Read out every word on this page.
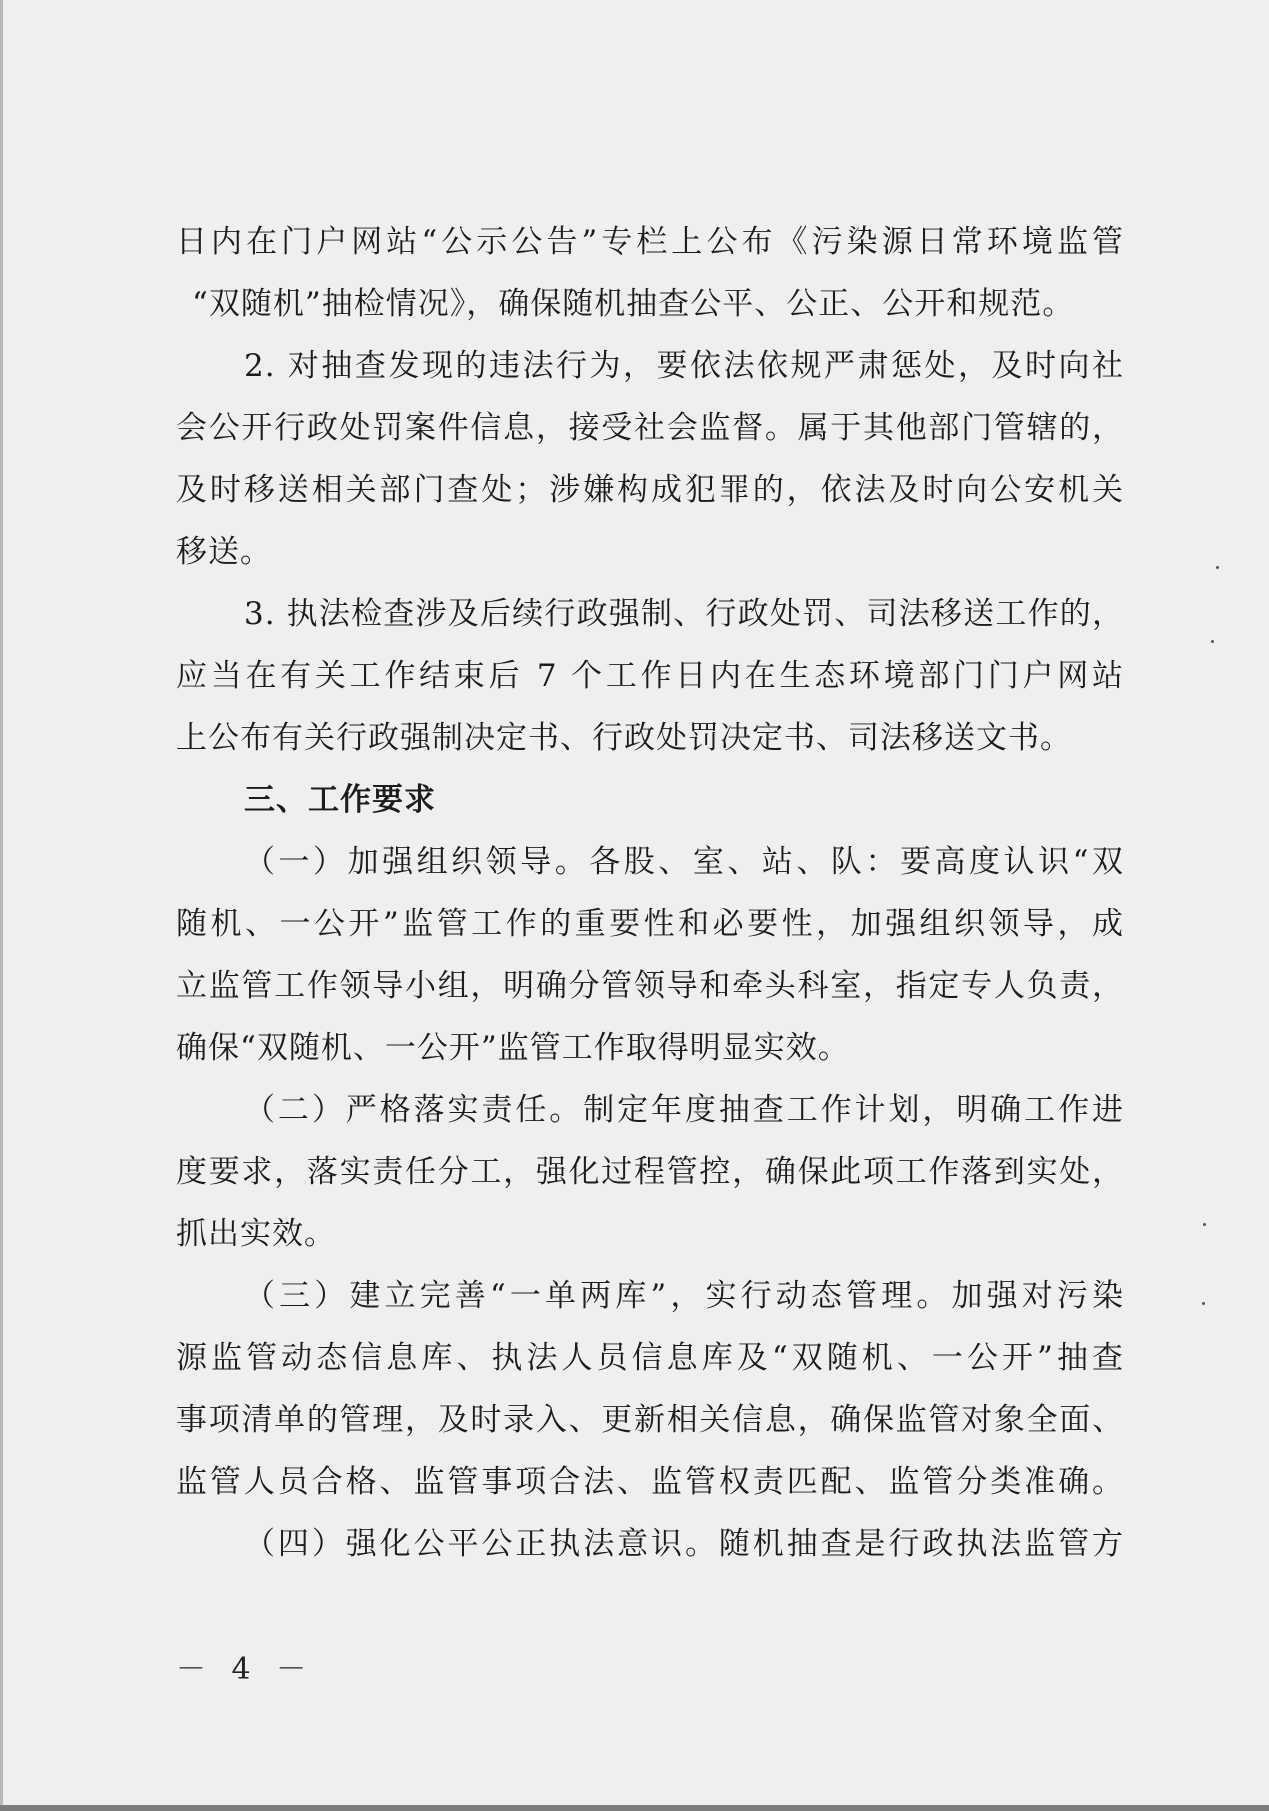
日内在门户网站“公示公告”专栏上公布《污染源日常环境监管
“双随机”抽检情况》，确保随机抽查公平、公正、公开和规范。
2. 对抽查发现的违法行为，要依法依规严肃惩处，及时向社
会公开行政处罚案件信息，接受社会监督。属于其他部门管辖的，
及时移送相关部门查处；涉嫌构成犯罪的，依法及时向公安机关
移送。
3. 执法检查涉及后续行政强制、行政处罚、司法移送工作的，
应当在有关工作结束后 7 个工作日内在生态环境部门门户网站
上公布有关行政强制决定书、行政处罚决定书、司法移送文书。
三、工作要求
（一）加强组织领导。各股、室、站、队：要高度认识“双
随机、一公开”监管工作的重要性和必要性，加强组织领导，成
立监管工作领导小组，明确分管领导和牵头科室，指定专人负责，
确保“双随机、一公开”监管工作取得明显实效。
（二）严格落实责任。制定年度抽查工作计划，明确工作进
度要求，落实责任分工，强化过程管控，确保此项工作落到实处，
抓出实效。
（三）建立完善“一单两库”，实行动态管理。加强对污染
源监管动态信息库、执法人员信息库及“双随机、一公开”抽查
事项清单的管理，及时录入、更新相关信息，确保监管对象全面、
监管人员合格、监管事项合法、监管权责匹配、监管分类准确。
（四）强化公平公正执法意识。随机抽查是行政执法监管方
－ 4 －
